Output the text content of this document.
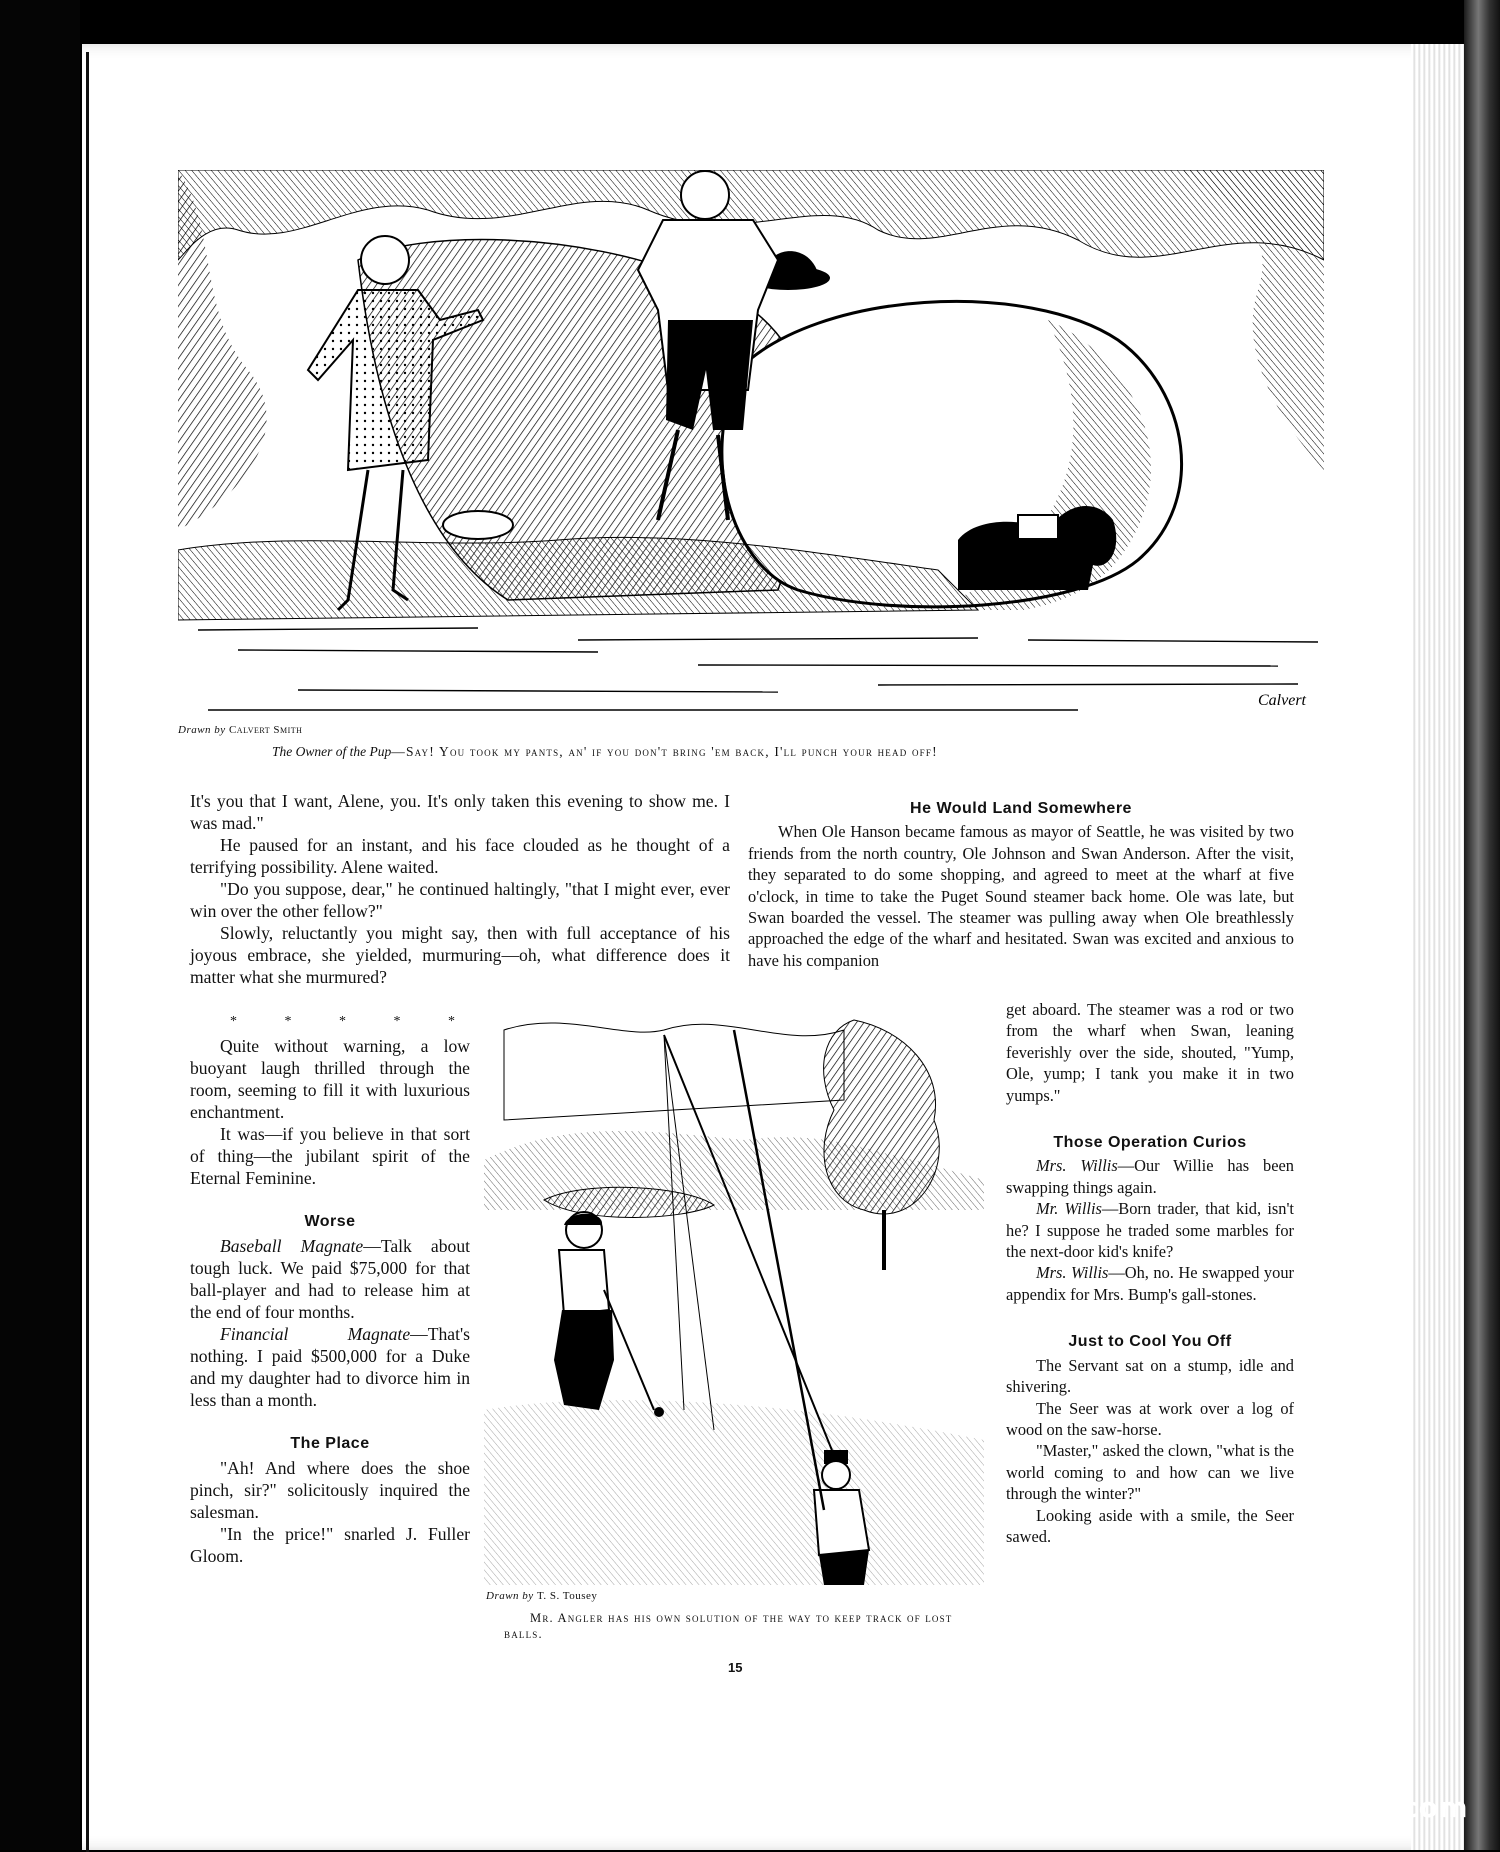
Calvert
Drawn by Calvert Smith
The Owner of the Pup—Say! You took my pants, an' if you don't bring 'em back, I'll punch your head off!

It's you that I want, Alene, you. It's only taken this evening to show me. I was mad."

He paused for an instant, and his face clouded as he thought of a terrifying possibility. Alene waited.

"Do you suppose, dear," he continued haltingly, "that I might ever, ever win over the other fellow?"

Slowly, reluctantly you might say, then with full acceptance of his joyous embrace, she yielded, murmuring—oh, what difference does it matter what she murmured?

* * * * *

Quite without warning, a low buoyant laugh thrilled through the room, seeming to fill it with luxurious enchantment.

It was—if you believe in that sort of thing—the jubilant spirit of the Eternal Feminine.

Worse

Baseball Magnate—Talk about tough luck. We paid $75,000 for that ball-player and had to release him at the end of four months.

Financial Magnate—That's nothing. I paid $500,000 for a Duke and my daughter had to divorce him in less than a month.

The Place

"Ah! And where does the shoe pinch, sir?" solicitously inquired the salesman.

"In the price!" snarled J. Fuller Gloom.

Drawn by T. S. Tousey
Mr. Angler has his own solution of the way to keep track of lost balls.
He Would Land Somewhere

When Ole Hanson became famous as mayor of Seattle, he was visited by two friends from the north country, Ole Johnson and Swan Anderson. After the visit, they separated to do some shopping, and agreed to meet at the wharf at five o'clock, in time to take the Puget Sound steamer back home. Ole was late, but Swan boarded the vessel. The steamer was pulling away when Ole breathlessly approached the edge of the wharf and hesitated. Swan was excited and anxious to have his companion

get aboard. The steamer was a rod or two from the wharf when Swan, leaning feverishly over the side, shouted, "Yump, Ole, yump; I tank you make it in two yumps."

Those Operation Curios

Mrs. Willis—Our Willie has been swapping things again.

Mr. Willis—Born trader, that kid, isn't he? I suppose he traded some marbles for the next-door kid's knife?

Mrs. Willis—Oh, no. He swapped your appendix for Mrs. Bump's gall-stones.

Just to Cool You Off

The Servant sat on a stump, idle and shivering.

The Seer was at work over a log of wood on the saw-horse.

"Master," asked the clown, "what is the world coming to and how can we live through the winter?"

Looking aside with a smile, the Seer sawed.

15
comicbooks.com
